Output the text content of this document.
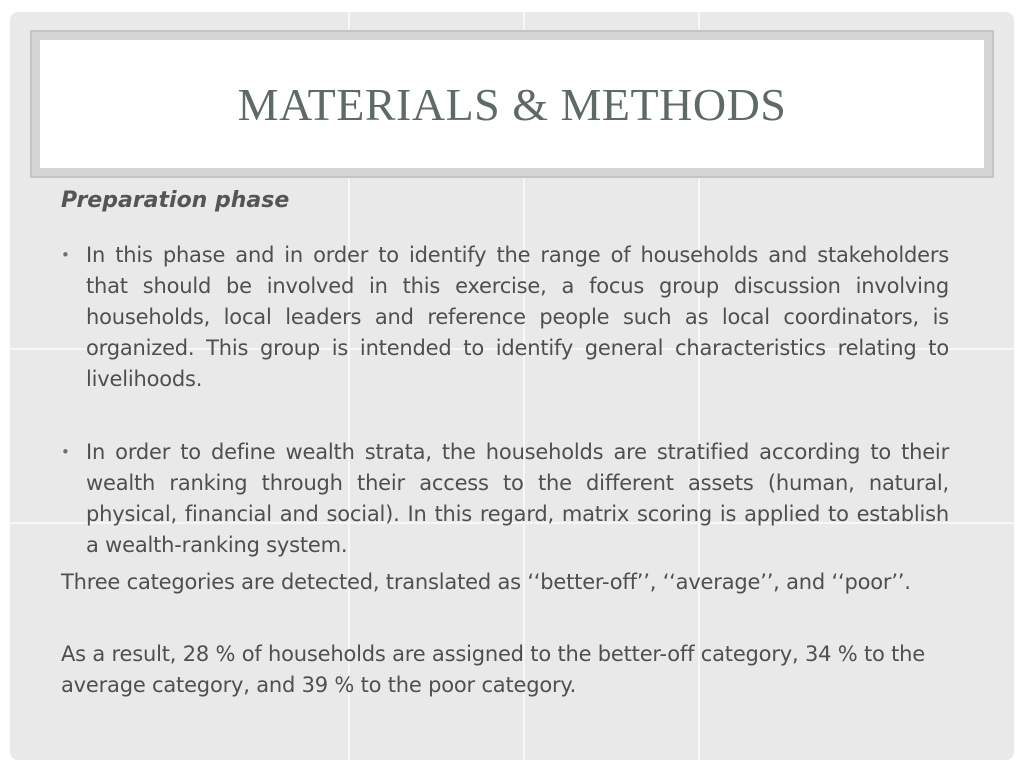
MATERIALS & METHODS
Preparation phase
• In this phase and in order to identify the range of households and stakeholders that should be involved in this exercise, a focus group discussion involving households, local leaders and reference people such as local coordinators, is organized. This group is intended to identify general characteristics relating to livelihoods.
• In order to define wealth strata, the households are stratified according to their wealth ranking through their access to the different assets (human, natural, physical, financial and social). In this regard, matrix scoring is applied to establish a wealth-ranking system.
Three categories are detected, translated as ‘‘better-off’’, ‘‘average’’, and ‘‘poor’’.
As a result, 28 % of households are assigned to the better-off category, 34 % to the average category, and 39 % to the poor category.
